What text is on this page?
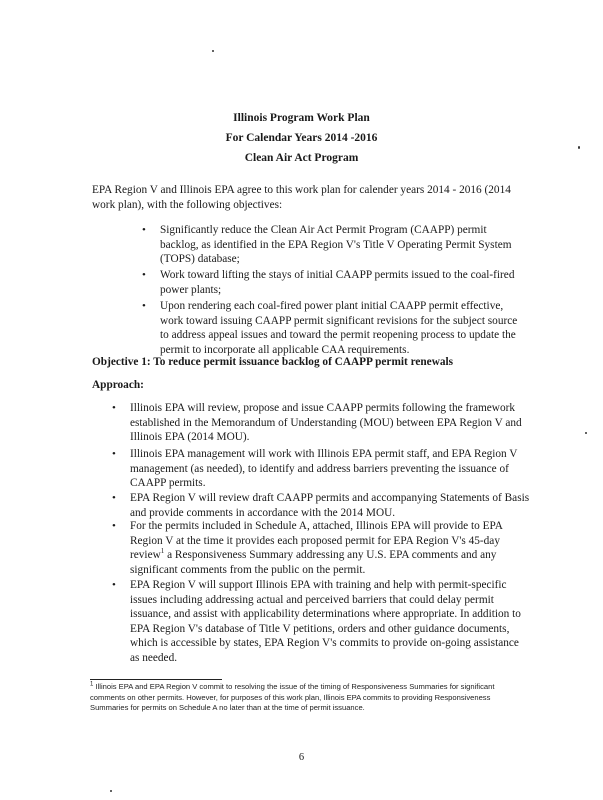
Illinois Program Work Plan
For Calendar Years 2014 -2016
Clean Air Act Program

EPA Region V and Illinois EPA agree to this work plan for calender years 2014 - 2016 (2014 work plan), with the following objectives:

• Significantly reduce the Clean Air Act Permit Program (CAAPP) permit backlog, as identified in the EPA Region V's Title V Operating Permit System (TOPS) database;
• Work toward lifting the stays of initial CAAPP permits issued to the coal-fired power plants;
• Upon rendering each coal-fired power plant initial CAAPP permit effective, work toward issuing CAAPP permit significant revisions for the subject source to address appeal issues and toward the permit reopening process to update the permit to incorporate all applicable CAA requirements.
Objective 1: To reduce permit issuance backlog of CAAPP permit renewals
Approach:
• Illinois EPA will review, propose and issue CAAPP permits following the framework established in the Memorandum of Understanding (MOU) between EPA Region V and Illinois EPA (2014 MOU).
• Illinois EPA management will work with Illinois EPA permit staff, and EPA Region V management (as needed), to identify and address barriers preventing the issuance of CAAPP permits.
• EPA Region V will review draft CAAPP permits and accompanying Statements of Basis and provide comments in accordance with the 2014 MOU.
• For the permits included in Schedule A, attached, Illinois EPA will provide to EPA Region V at the time it provides each proposed permit for EPA Region V's 45-day review$^1$ a Responsiveness Summary addressing any U.S. EPA comments and any significant comments from the public on the permit.
• EPA Region V will support Illinois EPA with training and help with permit-specific issues including addressing actual and perceived barriers that could delay permit issuance, and assist with applicability determinations where appropriate. In addition to EPA Region V's database of Title V petitions, orders and other guidance documents, which is accessible by states, EPA Region V's commits to provide on-going assistance as needed.
$^1$ Illinois EPA and EPA Region V commit to resolving the issue of the timing of Responsiveness Summaries for significant comments on other permits. However, for purposes of this work plan, Illinois EPA commits to providing Responsiveness Summaries for permits on Schedule A no later than at the time of permit issuance.
6
